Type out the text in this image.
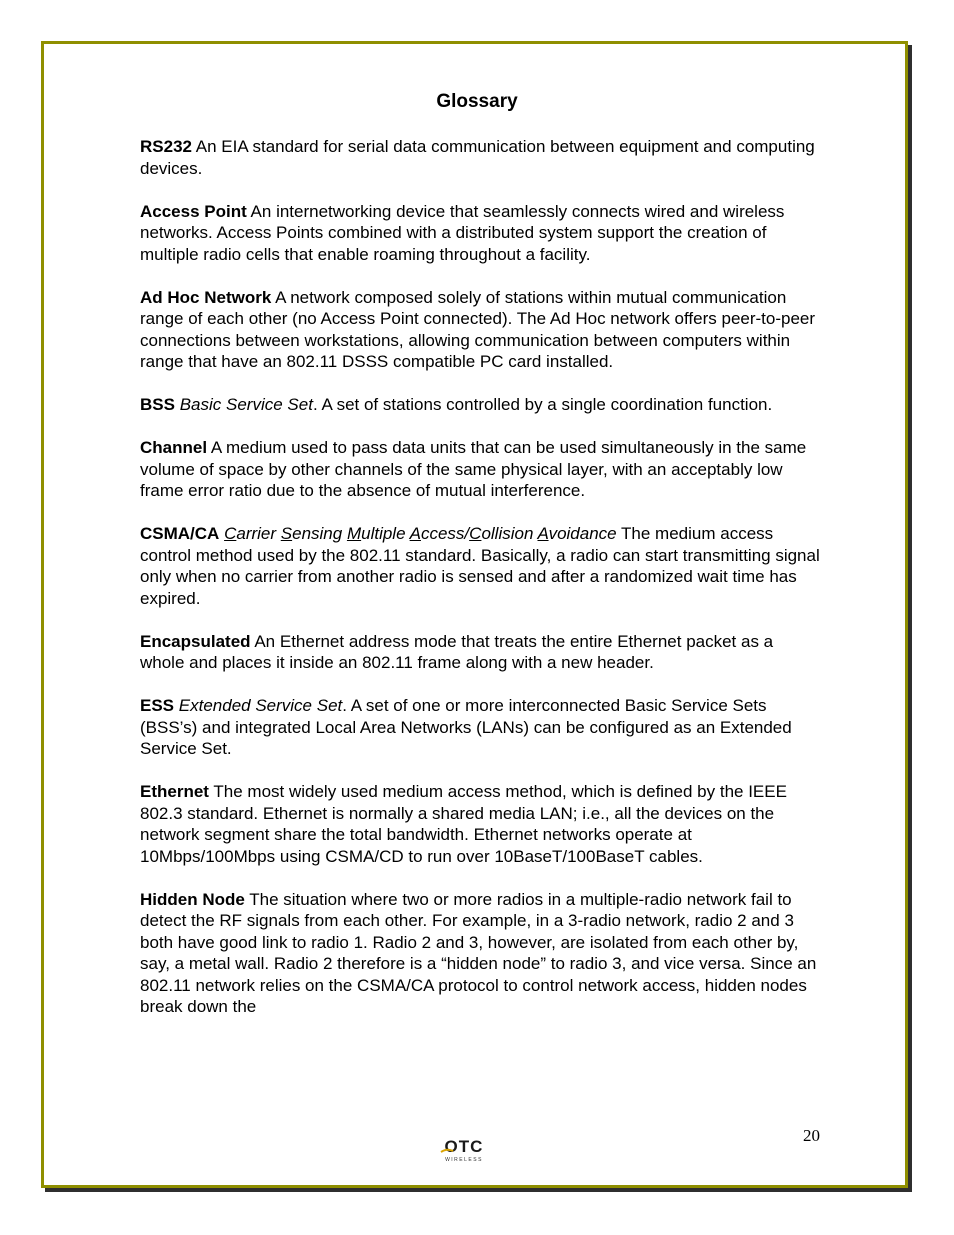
Glossary

RS232 An EIA standard for serial data communication between equipment and computing devices.

Access Point An internetworking device that seamlessly connects wired and wireless networks. Access Points combined with a distributed system support the creation of multiple radio cells that enable roaming throughout a facility.

Ad Hoc Network A network composed solely of stations within mutual communication range of each other (no Access Point connected). The Ad Hoc network offers peer-to-peer connections between workstations, allowing communication between computers within range that have an 802.11 DSSS compatible PC card installed.

BSS Basic Service Set. A set of stations controlled by a single coordination function.

Channel A medium used to pass data units that can be used simultaneously in the same volume of space by other channels of the same physical layer, with an acceptably low frame error ratio due to the absence of mutual interference.

CSMA/CA Carrier Sensing Multiple Access/Collision Avoidance The medium access control method used by the 802.11 standard. Basically, a radio can start transmitting signal only when no carrier from another radio is sensed and after a randomized wait time has expired.

Encapsulated An Ethernet address mode that treats the entire Ethernet packet as a whole and places it inside an 802.11 frame along with a new header.

ESS Extended Service Set. A set of one or more interconnected Basic Service Sets (BSS’s) and integrated Local Area Networks (LANs) can be configured as an Extended Service Set.

Ethernet The most widely used medium access method, which is defined by the IEEE 802.3 standard. Ethernet is normally a shared media LAN; i.e., all the devices on the network segment share the total bandwidth. Ethernet networks operate at 10Mbps/100Mbps using CSMA/CD to run over 10BaseT/100BaseT cables.

Hidden Node The situation where two or more radios in a multiple-radio network fail to detect the RF signals from each other. For example, in a 3-radio network, radio 2 and 3 both have good link to radio 1. Radio 2 and 3, however, are isolated from each other by, say, a metal wall. Radio 2 therefore is a “hidden node” to radio 3, and vice versa. Since an 802.11 network relies on the CSMA/CA protocol to control network access, hidden nodes break down the

20
OTC
WIRELESS
